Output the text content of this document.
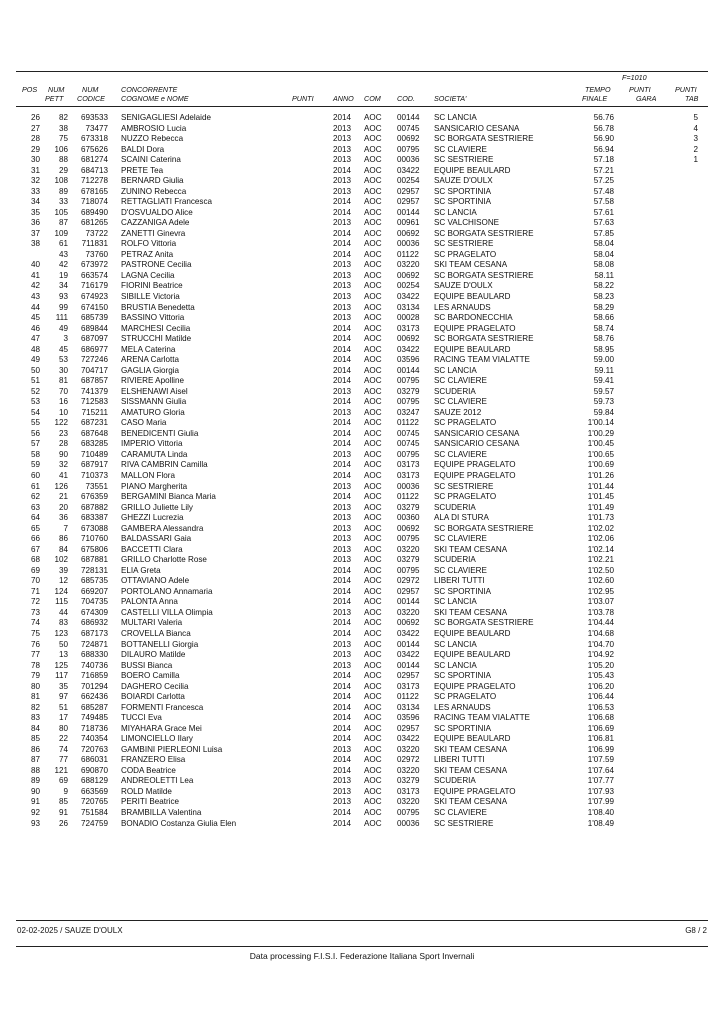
F=1010
POS NUM
PETT
NUM
CODICE
CONCORRENTE
COGNOME e NOME	PUNTI	ANNO COM COD.	SOCIETA'
TEMPO
FINALE
PUNTI
GARA
PUNTI
TAB
26 82 693533 SENIGAGLIESI Adelaide	2014 AOC 00144 SC LANCIA	56.76	5
27 38 73477 AMBROSIO Lucia	2013 AOC 00745 SANSICARIO CESANA	56.78	4
28 75 673318 NUZZO Rebecca	2013 AOC 00692 SC BORGATA SESTRIERE	56.90	3
29 106 675626 BALDI Dora	2013 AOC 00795 SC CLAVIERE	56.94	2
30 88 681274 SCAINI Caterina	2013 AOC 00036 SC SESTRIERE	57.18	1
31 29 684713 PRETE Tea	2014 AOC 03422 EQUIPE BEAULARD	57.21
32 108 712278 BERNARD Giulia	2013 AOC 00254 SAUZE D'OULX	57.25
33 89 678165 ZUNINO Rebecca	2013 AOC 02957 SC SPORTINIA	57.48
34 33 718074 RETTAGLIATI Francesca	2014 AOC 02957 SC SPORTINIA	57.58
35 105 689490 D'OSVUALDO Alice	2014 AOC 00144 SC LANCIA	57.61
36 87 681265 CAZZANIGA Adele	2013 AOC 00961 SC VALCHISONE	57.63
37 109 73722 ZANETTI Ginevra	2014 AOC 00692 SC BORGATA SESTRIERE	57.85
38 61 711831 ROLFO Vittoria	2014 AOC 00036 SC SESTRIERE	58.04
43 73760 PETRAZ Anita	2014 AOC 01122 SC PRAGELATO	58.04
40 42 673972 PASTRONE Cecilia	2013 AOC 03220 SKI TEAM CESANA	58.08
41 19 663574 LAGNA Cecilia	2013 AOC 00692 SC BORGATA SESTRIERE	58.11
42 34 716179 FIORINI Beatrice	2013 AOC 00254 SAUZE D'OULX	58.22
43 93 674923 SIBILLE Victoria	2013 AOC 03422 EQUIPE BEAULARD	58.23
44 99 674150 BRUSTIA Benedetta	2013 AOC 03134 LES ARNAUDS	58.29
45 111 685739 BASSINO Vittoria	2013 AOC 00028 SC BARDONECCHIA	58.66
46 49 689844 MARCHESI Cecilia	2014 AOC 03173 EQUIPE PRAGELATO	58.74
47	3 687097 STRUCCHI Matilde	2014 AOC 00692 SC BORGATA SESTRIERE	58.76
48 45 686977 MELA Caterina	2014 AOC 03422 EQUIPE BEAULARD	58.95
49 53 727246 ARENA Carlotta	2014 AOC 03596 RACING TEAM VIALATTE	59.00
50 30 704717 GAGLIA Giorgia	2014 AOC 00144 SC LANCIA	59.11
51 81 687857 RIVIERE Apolline	2014 AOC 00795 SC CLAVIERE	59.41
52 70 741379 ELSHENAWI Aisel	2013 AOC 03279 SCUDERIA	59.57
53 16 712583 SISSMANN Giulia	2014 AOC 00795 SC CLAVIERE	59.73
54 10 715211 AMATURO Gloria	2013 AOC 03247 SAUZE 2012	59.84
55 122 687231 CASO Maria	2014 AOC 01122 SC PRAGELATO	1'00.14
56 23 687648 BENEDICENTI Giulia	2014 AOC 00745 SANSICARIO CESANA	1'00.29
57 28 683285 IMPERIO Vittoria	2014 AOC 00745 SANSICARIO CESANA	1'00.45
58 90 710489 CARAMUTA Linda	2013 AOC 00795 SC CLAVIERE	1'00.65
59 32 687917 RIVA CAMBRIN Camilla	2014 AOC 03173 EQUIPE PRAGELATO	1'00.69
60 41 710373 MALLON Flora	2014 AOC 03173 EQUIPE PRAGELATO	1'01.26
61 126 73551 PIANO Margherita	2013 AOC 00036 SC SESTRIERE	1'01.44
62 21 676359 BERGAMINI Bianca Maria	2014 AOC 01122 SC PRAGELATO	1'01.45
63 20 687882 GRILLO Juliette Lily	2013 AOC 03279 SCUDERIA	1'01.49
64 36 683387 GHEZZI Lucrezia	2013 AOC 00360 ALA DI STURA	1'01.73
65	7 673088 GAMBERA Alessandra	2013 AOC 00692 SC BORGATA SESTRIERE	1'02.02
66 86 710760 BALDASSARI Gaia	2013 AOC 00795 SC CLAVIERE	1'02.06
67 84 675806 BACCETTI Clara	2013 AOC 03220 SKI TEAM CESANA	1'02.14
68 102 687881 GRILLO Charlotte Rose	2013 AOC 03279 SCUDERIA	1'02.21
69 39 728131 ELIA Greta	2014 AOC 00795 SC CLAVIERE	1'02.50
70 12 685735 OTTAVIANO Adele	2014 AOC 02972 LIBERI TUTTI	1'02.60
71 124 669207 PORTOLANO Annamaria	2014 AOC 02957 SC SPORTINIA	1'02.95
72 115 704735 PALONTA Anna	2014 AOC 00144 SC LANCIA	1'03.07
73 44 674309 CASTELLI VILLA Olimpia	2013 AOC 03220 SKI TEAM CESANA	1'03.78
74 83 686932 MULTARI Valeria	2014 AOC 00692 SC BORGATA SESTRIERE	1'04.44
75 123 687173 CROVELLA Bianca	2014 AOC 03422 EQUIPE BEAULARD	1'04.68
76 50 724871 BOTTANELLI Giorgia	2013 AOC 00144 SC LANCIA	1'04.70
77 13 688330 DILAURO Matilde	2013 AOC 03422 EQUIPE BEAULARD	1'04.92
78 125 740736 BUSSI Bianca	2013 AOC 00144 SC LANCIA	1'05.20
79 117 716859 BOERO Camilla	2014 AOC 02957 SC SPORTINIA	1'05.43
80 35 701294 DAGHERO Cecilia	2014 AOC 03173 EQUIPE PRAGELATO	1'06.20
81 97 662436 BOIARDI Carlotta	2014 AOC 01122 SC PRAGELATO	1'06.44
82 51 685287 FORMENTI Francesca	2014 AOC 03134 LES ARNAUDS	1'06.53
83 17 749485 TUCCI Eva	2014 AOC 03596 RACING TEAM VIALATTE	1'06.68
84 80 718736 MIYAHARA Grace Mei	2014 AOC 02957 SC SPORTINIA	1'06.69
85 22 740354 LIMONCIELLO Ilary	2014 AOC 03422 EQUIPE BEAULARD	1'06.81
86 74 720763 GAMBINI PIERLEONI Luisa	2013 AOC 03220 SKI TEAM CESANA	1'06.99
87 77 686031 FRANZERO Elisa	2014 AOC 02972 LIBERI TUTTI	1'07.59
88 121 690870 CODA Beatrice	2014 AOC 03220 SKI TEAM CESANA	1'07.64
89 69 688129 ANDREOLETTI Lea	2013 AOC 03279 SCUDERIA	1'07.77
90	9 663569 ROLD Matilde	2013 AOC 03173 EQUIPE PRAGELATO	1'07.93
91 85 720765 PERITI Beatrice	2013 AOC 03220 SKI TEAM CESANA	1'07.99
92 91 751584 BRAMBILLA Valentina	2014 AOC 00795 SC CLAVIERE	1'08.40
93 26 724759 BONADIO Costanza Giulia Elen	2014 AOC 00036 SC SESTRIERE	1'08.49
02-02-2025 / SAUZE D'OULX	G8 / 2
Data processing F.I.S.I. Federazione Italiana Sport Invernali
